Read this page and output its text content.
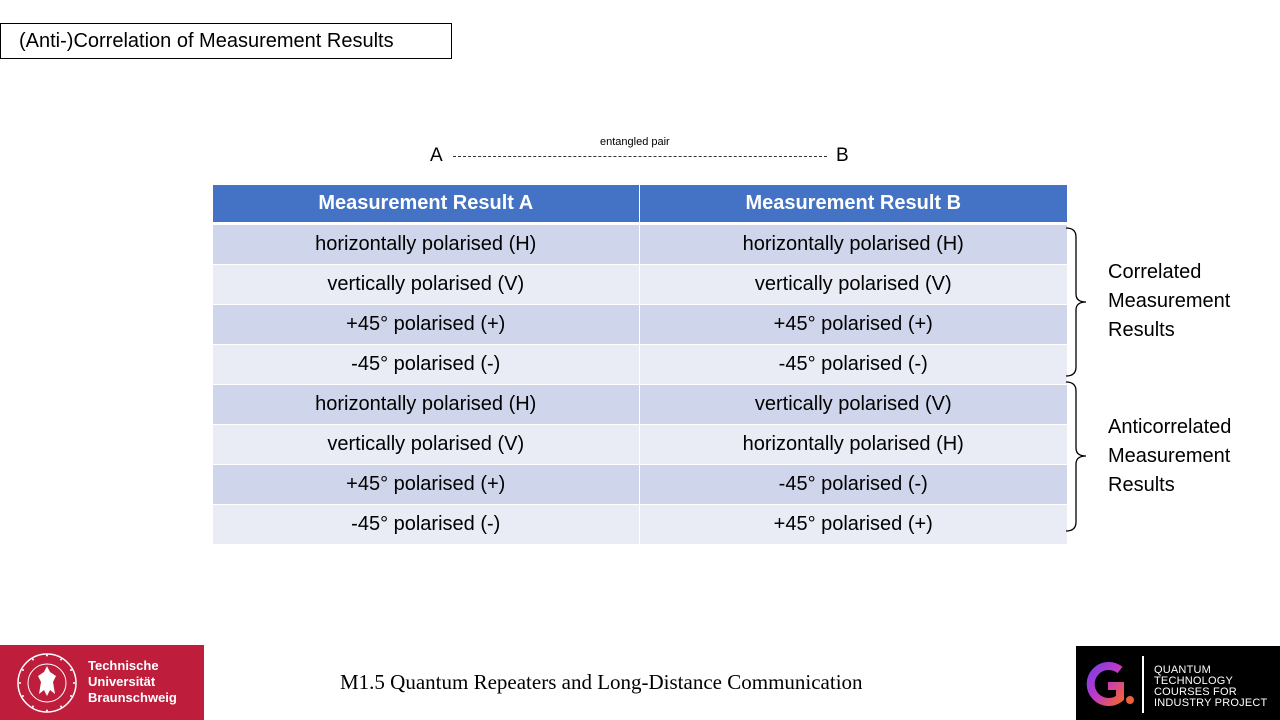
(Anti-)Correlation of Measurement Results
A
entangled pair
B
Measurement Result A	Measurement Result B
horizontally polarised (H)	horizontally polarised (H)
vertically polarised (V)	vertically polarised (V)
+45° polarised (+)	+45° polarised (+)
-45° polarised (-)	-45° polarised (-)
horizontally polarised (H)	vertically polarised (V)
vertically polarised (V)	horizontally polarised (H)
+45° polarised (+)	-45° polarised (-)
-45° polarised (-)	+45° polarised (+)
Correlated
Measurement
Results
Anticorrelated
Measurement
Results
Technische
Universität
Braunschweig
M1.5 Quantum Repeaters and Long-Distance Communication	QUANTUM
TECHNOLOGY
COURSES FOR
INDUSTRY PROJECT
